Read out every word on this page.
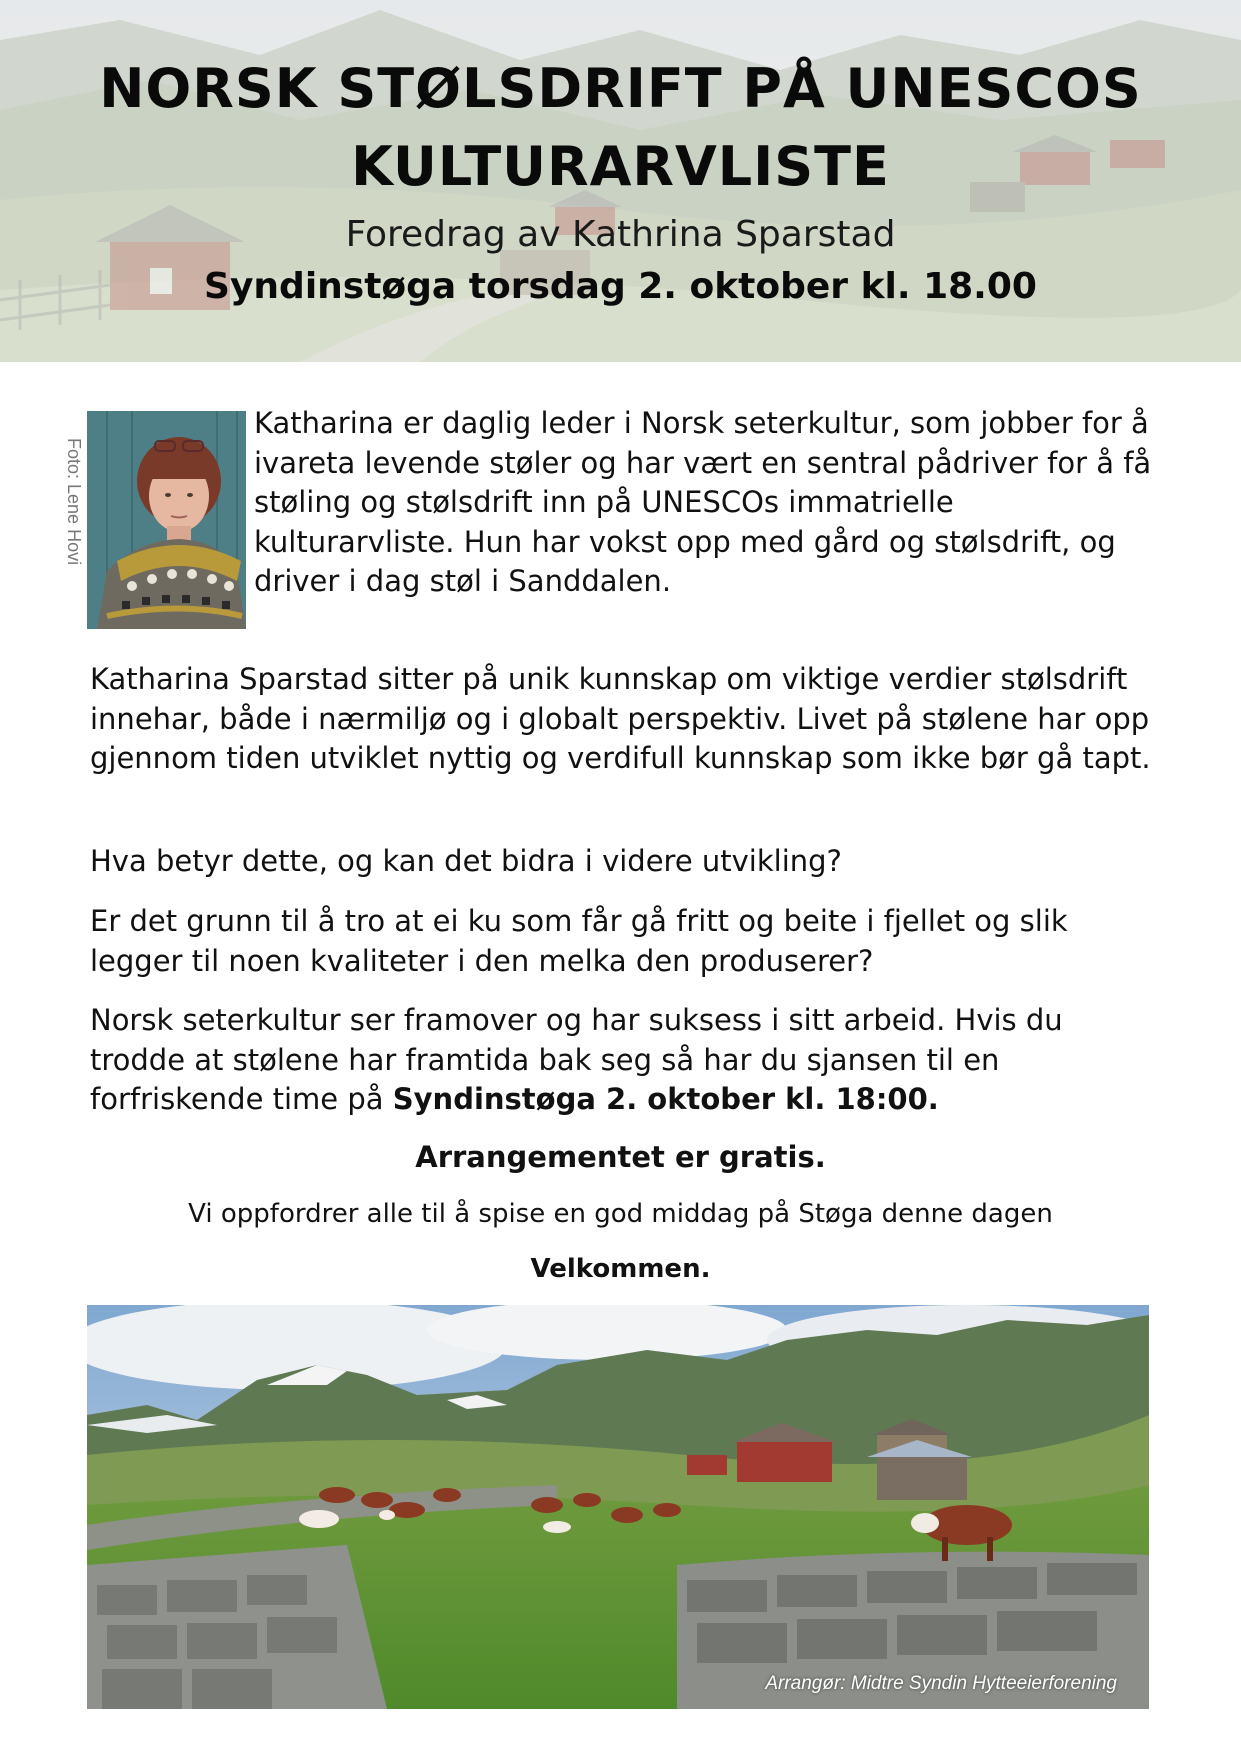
NORSK STØLSDRIFT PÅ UNESCOS
KULTURARVLISTE

Foredrag av Kathrina Sparstad

Syndinstøga torsdag 2. oktober kl. 18.00

Foto: Lene Hovi

Katharina er daglig leder i Norsk seterkultur, som jobber for å ivareta levende støler og har vært en sentral pådriver for å få støling og stølsdrift inn på UNESCOs immatrielle kulturarvliste. Hun har vokst opp med gård og stølsdrift, og driver i dag støl i Sanddalen.

Katharina Sparstad sitter på unik kunnskap om viktige verdier stølsdrift innehar, både i nærmiljø og i globalt perspektiv. Livet på stølene har opp gjennom tiden utviklet nyttig og verdifull kunnskap som ikke bør gå tapt.

Hva betyr dette, og kan det bidra i videre utvikling?

Er det grunn til å tro at ei ku som får gå fritt og beite i fjellet og slik legger til noen kvaliteter i den melka den produserer?

Norsk seterkultur ser framover og har suksess i sitt arbeid. Hvis du trodde at stølene har framtida bak seg så har du sjansen til en forfriskende time på Syndinstøga 2. oktober kl. 18:00.

Arrangementet er gratis.

Vi oppfordrer alle til å spise en god middag på Støga denne dagen

Velkommen.

Arrangør: Midtre Syndin Hytteeierforening
